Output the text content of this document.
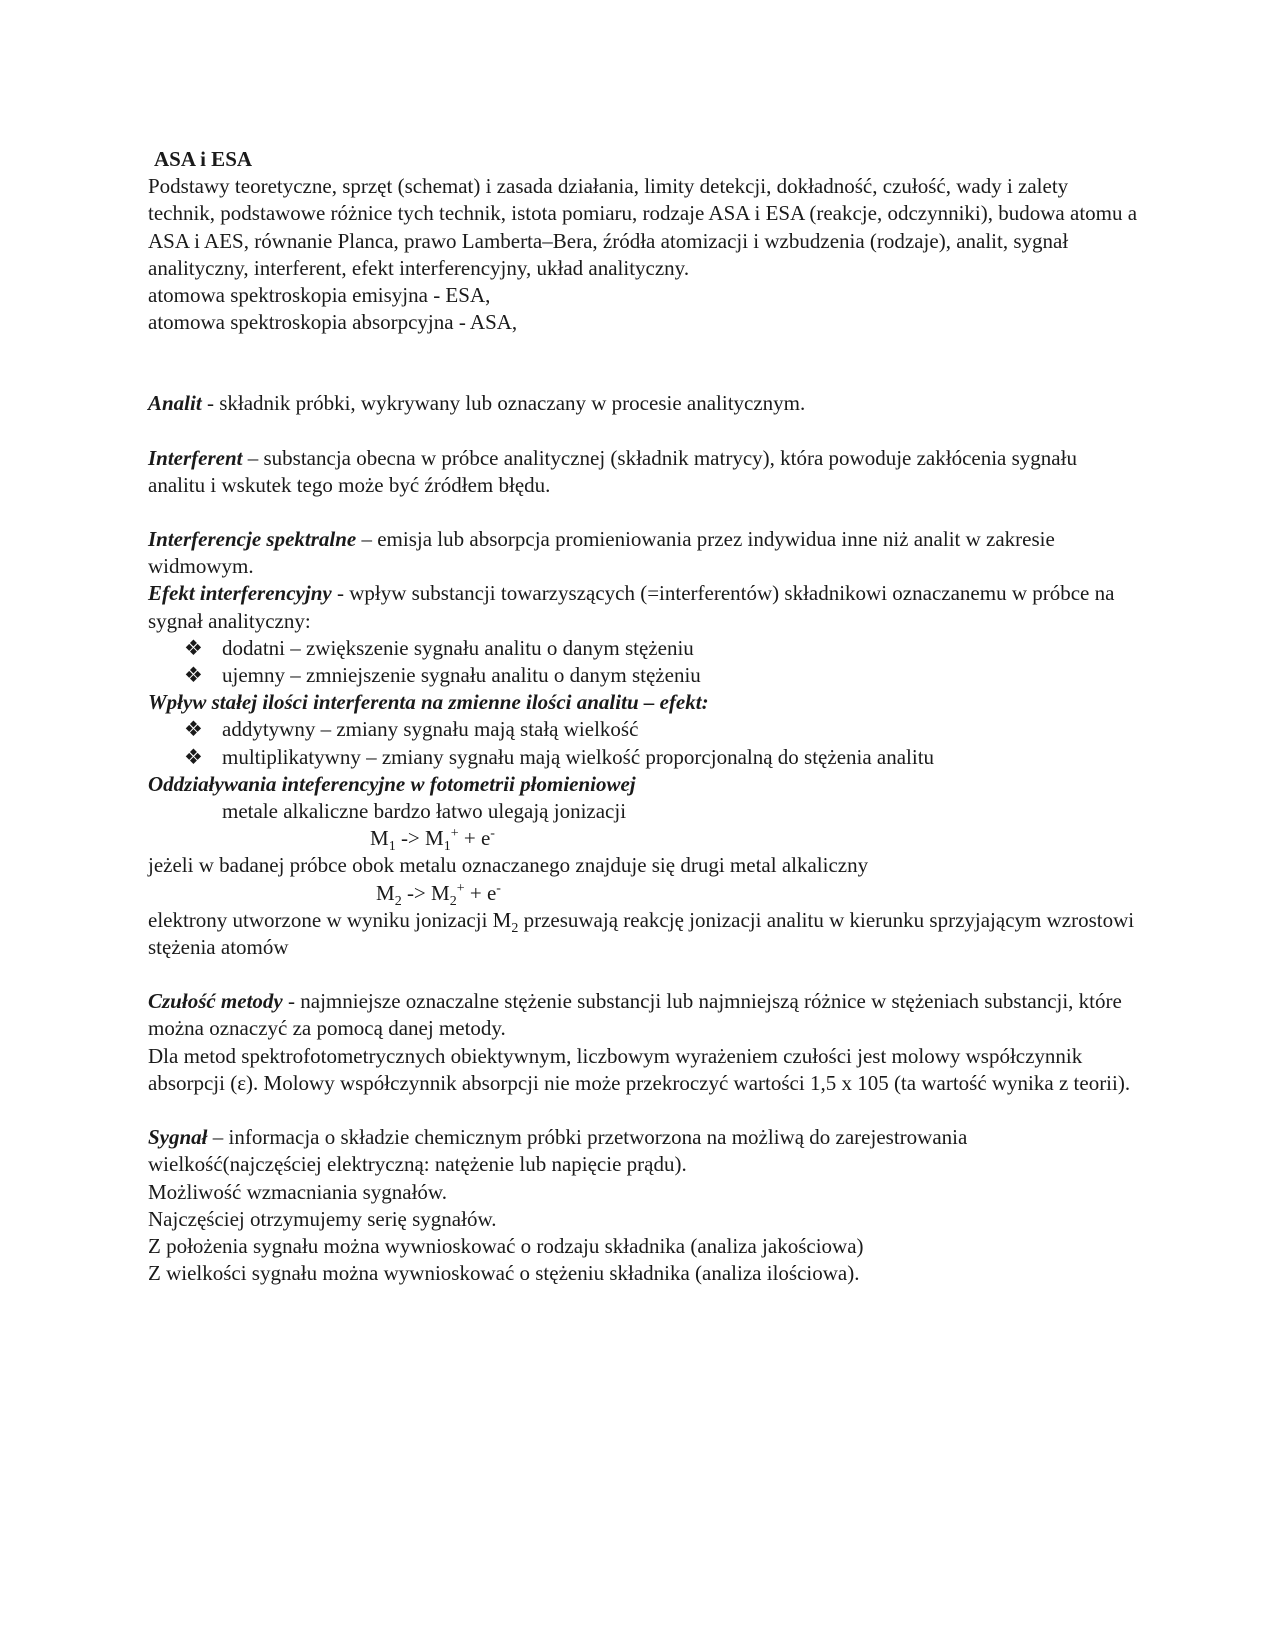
ASA i ESA

Podstawy teoretyczne, sprzęt (schemat) i zasada działania, limity detekcji, dokładność, czułość, wady i zalety technik, podstawowe różnice tych technik, istota pomiaru, rodzaje ASA i ESA (reakcje, odczynniki), budowa atomu a ASA i AES, równanie Planca, prawo Lamberta–Bera, źródła atomizacji i wzbudzenia (rodzaje), analit, sygnał analityczny, interferent, efekt interferencyjny, układ analityczny.

atomowa spektroskopia emisyjna - ESA,

atomowa spektroskopia absorpcyjna - ASA,

Analit - składnik próbki, wykrywany lub oznaczany w procesie analitycznym.

Interferent – substancja obecna w próbce analitycznej (składnik matrycy), która powoduje zakłócenia sygnału analitu i wskutek tego może być źródłem błędu.

Interferencje spektralne – emisja lub absorpcja promieniowania przez indywidua inne niż analit w zakresie widmowym.

Efekt interferencyjny - wpływ substancji towarzyszących (=interferentów) składnikowi oznaczanemu w próbce na sygnał analityczny:

❖ dodatni – zwiększenie sygnału analitu o danym stężeniu
❖ ujemny – zmniejszenie sygnału analitu o danym stężeniu

Wpływ stałej ilości interferenta na zmienne ilości analitu – efekt:

❖ addytywny – zmiany sygnału mają stałą wielkość
❖ multiplikatywny – zmiany sygnału mają wielkość proporcjonalną do stężenia analitu

Oddziaływania inteferencyjne w fotometrii płomieniowej

metale alkaliczne bardzo łatwo ulegają jonizacji

$M_1 -> M_1^+ + e^-$

jeżeli w badanej próbce obok metalu oznaczanego znajduje się drugi metal alkaliczny

$M_2 -> M_2^+ + e^-$

elektrony utworzone w wyniku jonizacji $M_2$ przesuwają reakcję jonizacji analitu w kierunku sprzyjającym wzrostowi stężenia atomów

Czułość metody - najmniejsze oznaczalne stężenie substancji lub najmniejszą różnice w stężeniach substancji, które można oznaczyć za pomocą danej metody.

Dla metod spektrofotometrycznych obiektywnym, liczbowym wyrażeniem czułości jest molowy współczynnik absorpcji (ε). Molowy współczynnik absorpcji nie może przekroczyć wartości 1,5 x 105 (ta wartość wynika z teorii).

Sygnał – informacja o składzie chemicznym próbki przetworzona na możliwą do zarejestrowania wielkość(najczęściej elektryczną: natężenie lub napięcie prądu).

Możliwość wzmacniania sygnałów.

Najczęściej otrzymujemy serię sygnałów.

Z położenia sygnału można wywnioskować o rodzaju składnika (analiza jakościowa)

Z wielkości sygnału można wywnioskować o stężeniu składnika (analiza ilościowa).
